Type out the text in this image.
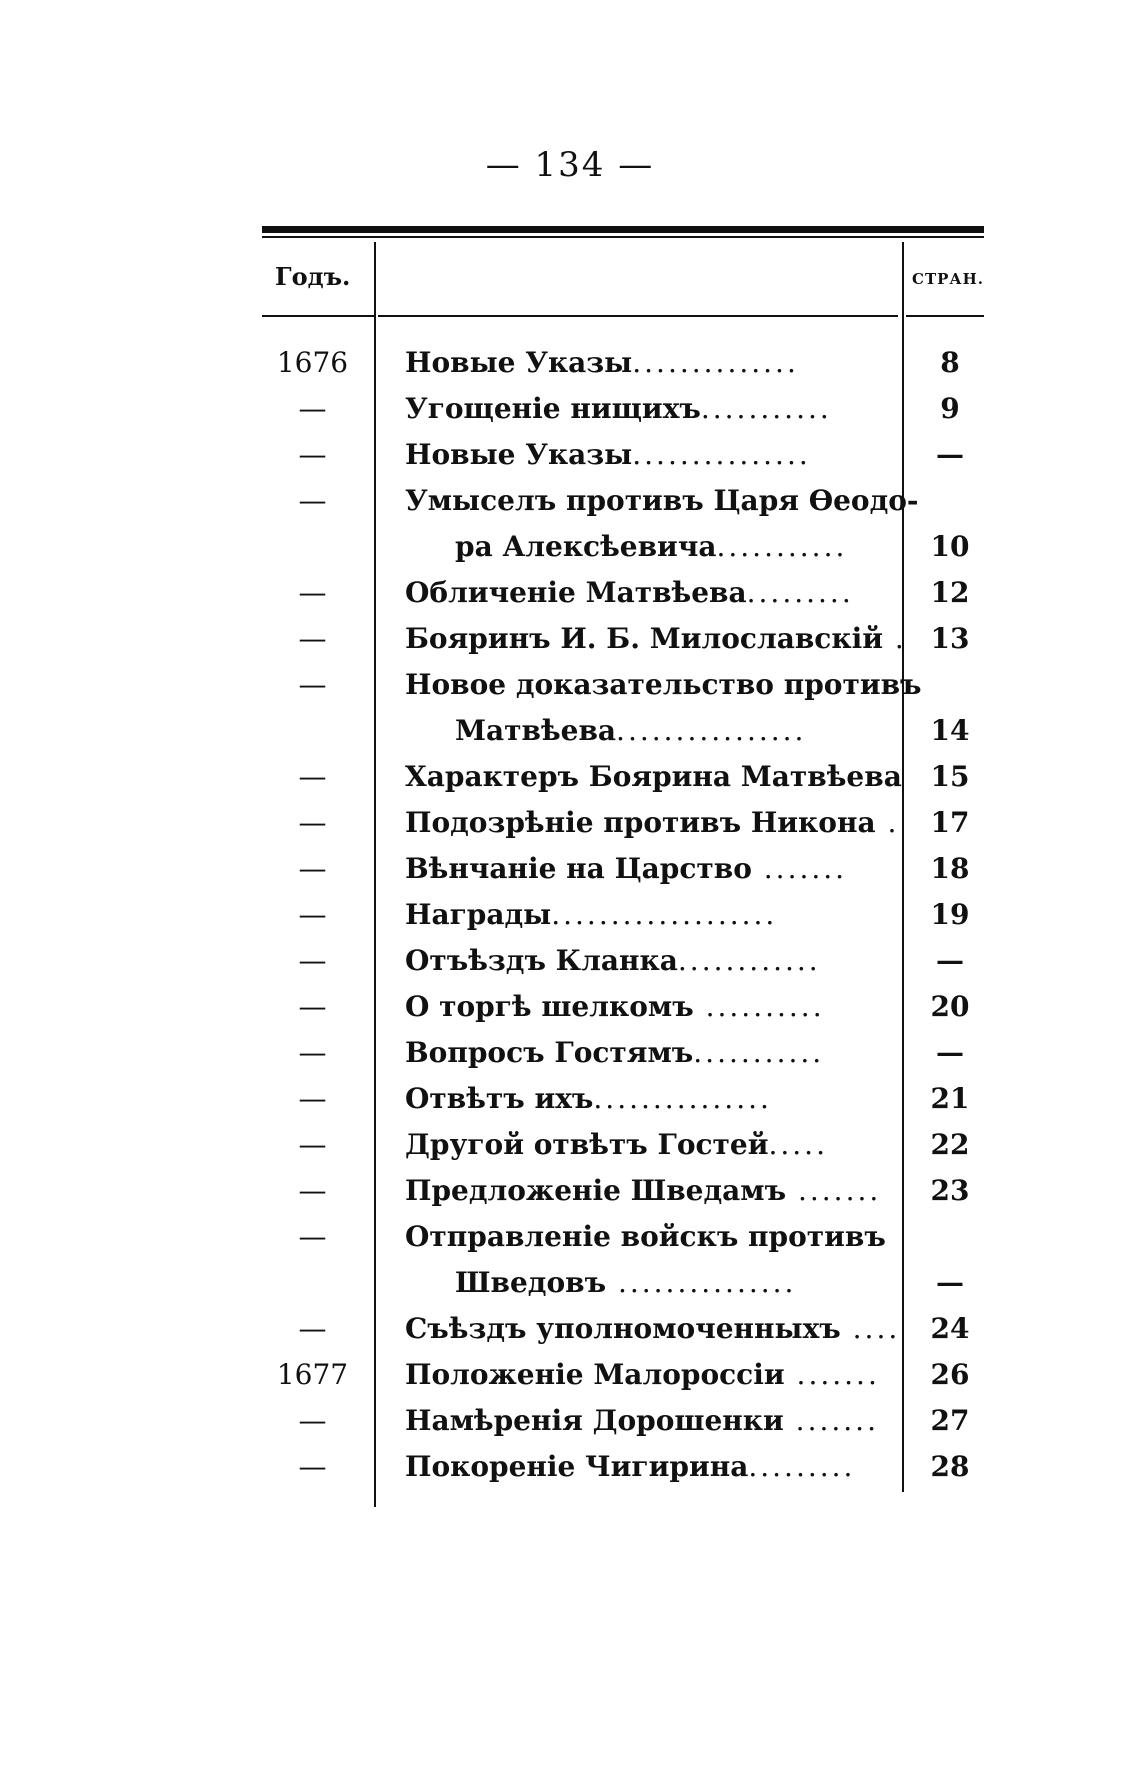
— 134 —
Годъ.	СТРАН.
1676	Новые Указы..............	8
—	Угощеніе нищихъ...........	9
—	Новые Указы...............	—
—	Умыселъ противъ Царя Ѳеодо-
ра Алексѣевича...........	10
—	Обличеніе Матвѣева.........	12
—	Бояринъ И. Б. Милославскій . 13
—	Новое доказательство противъ
Матвѣева................	14
—	Характеръ Боярина Матвѣева	15
—	Подозрѣніе противъ Никона .	17
—	Вѣнчаніе на Царство .......	18
—	Награды...................	19
—	Отъѣздъ Кланка............	—
—	О торгѣ шелкомъ ..........	20
—	Вопросъ Гостямъ...........	—
—	Отвѣтъ ихъ...............	21
—	Другой отвѣтъ Гостей.....	22
—	Предложеніе Шведамъ .......	23
—	Отправленіе войскъ противъ
Шведовъ ...............	—
—	Съѣздъ уполномоченныхъ ....	24
1677	Положеніе Малороссіи .......	26
—	Намѣренія Дорошенки .......	27
—	Покореніе Чигирина.........	28
